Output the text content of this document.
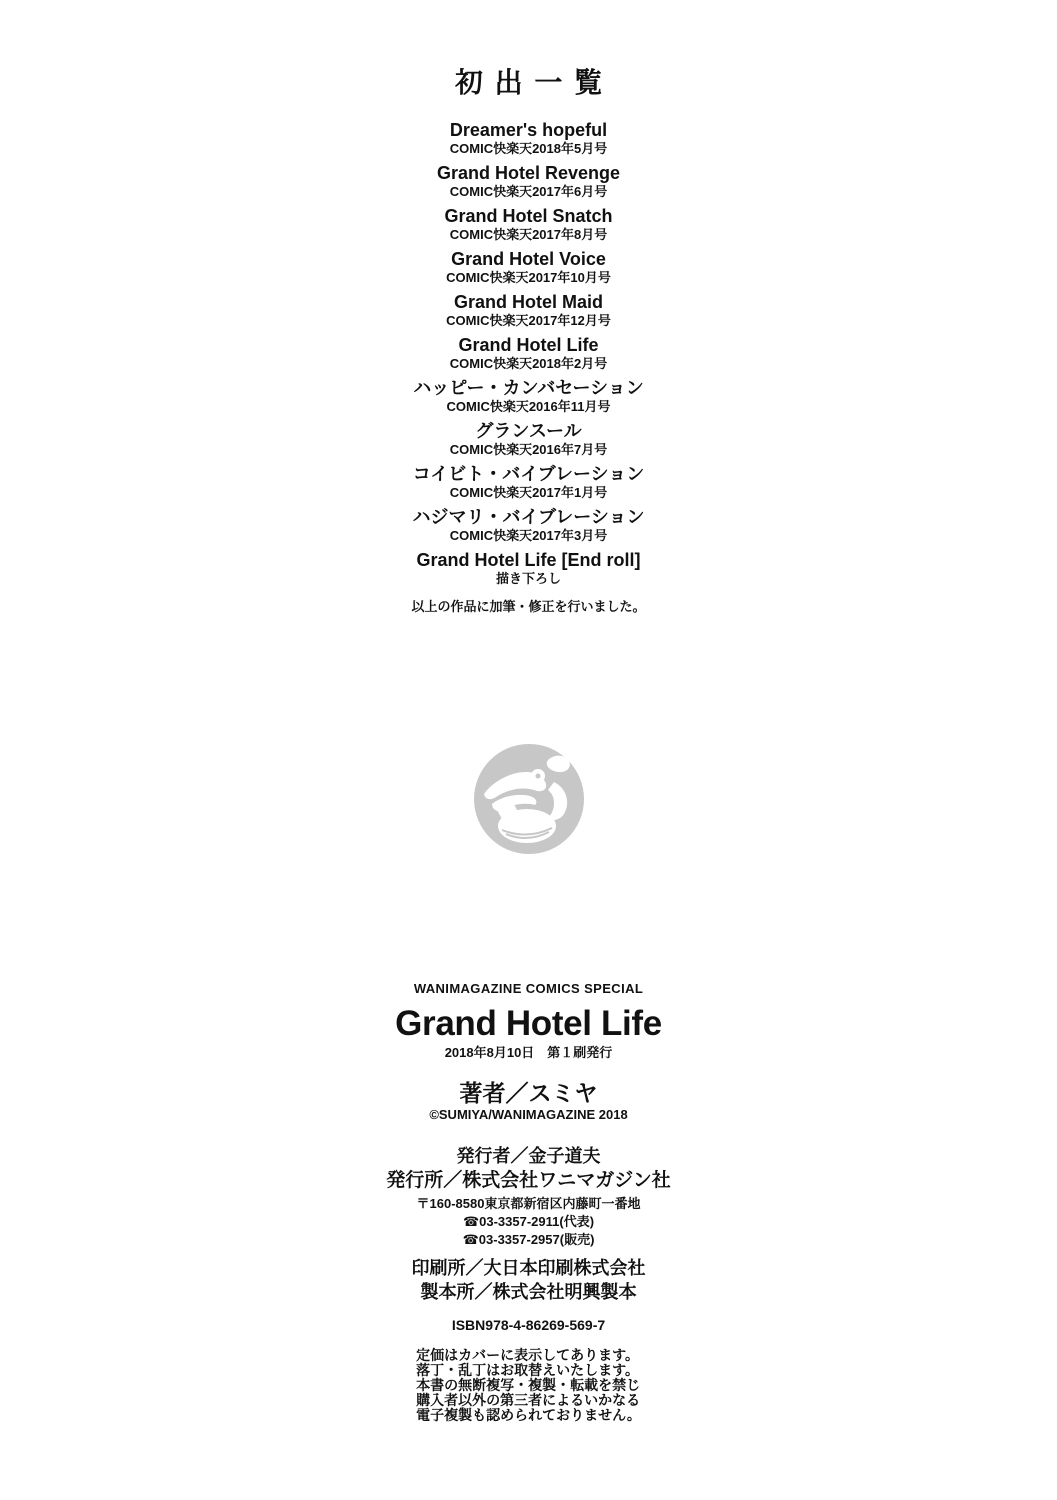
初出一覧
Dreamer's hopeful
COMIC快楽天2018年5月号
Grand Hotel Revenge
COMIC快楽天2017年6月号
Grand Hotel Snatch
COMIC快楽天2017年8月号
Grand Hotel Voice
COMIC快楽天2017年10月号
Grand Hotel Maid
COMIC快楽天2017年12月号
Grand Hotel Life
COMIC快楽天2018年2月号
ハッピー・カンバセーション
COMIC快楽天2016年11月号
グランスール
COMIC快楽天2016年7月号
コイビト・バイブレーション
COMIC快楽天2017年1月号
ハジマリ・バイブレーション
COMIC快楽天2017年3月号
Grand Hotel Life [End roll]
描き下ろし
以上の作品に加筆・修正を行いました。
WANIMAGAZINE COMICS SPECIAL
Grand Hotel Life
2018年8月10日　第１刷発行
著者／スミヤ
©SUMIYA/WANIMAGAZINE 2018
発行者／金子道夫
発行所／株式会社ワニマガジン社
〒160-8580東京都新宿区内藤町一番地
☎03-3357-2911(代表)
☎03-3357-2957(販売)
印刷所／大日本印刷株式会社
製本所／株式会社明興製本
ISBN978-4-86269-569-7
定価はカバーに表示してあります。
落丁・乱丁はお取替えいたします。
本書の無断複写・複製・転載を禁じ
購入者以外の第三者によるいかなる
電子複製も認められておりません。
